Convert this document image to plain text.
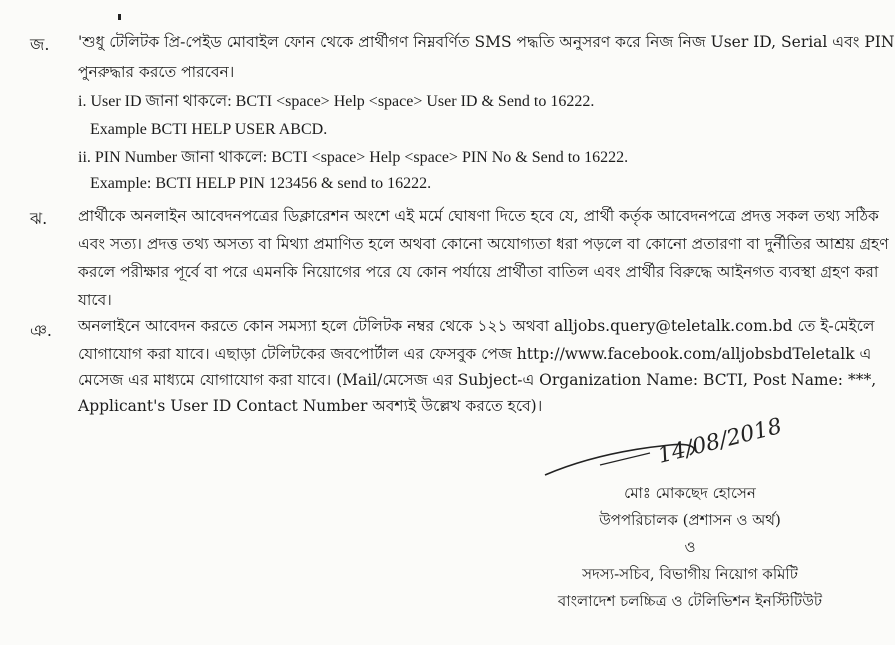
জ. 'শুধু টেলিটক প্রি-পেইড মোবাইল ফোন থেকে প্রার্থীগণ নিম্নবর্ণিত SMS পদ্ধতি অনুসরণ করে নিজ নিজ User ID, Serial এবং PIN
পুনরুদ্ধার করতে পারবেন।
i. User ID জানা থাকলে: BCTI <space> Help <space> User ID & Send to 16222.
Example BCTI HELP USER ABCD.
ii. PIN Number জানা থাকলে: BCTI <space> Help <space> PIN No & Send to 16222.
Example: BCTI HELP PIN 123456 & send to 16222.
ঝ. প্রার্থীকে অনলাইন আবেদনপত্রের ডিক্লারেশন অংশে এই মর্মে ঘোষণা দিতে হবে যে, প্রার্থী কর্তৃক আবেদনপত্রে প্রদত্ত সকল তথ্য সঠিক
এবং সত্য। প্রদত্ত তথ্য অসত্য বা মিথ্যা প্রমাণিত হলে অথবা কোনো অযোগ্যতা ধরা পড়লে বা কোনো প্রতারণা বা দুর্নীতির আশ্রয় গ্রহণ
করলে পরীক্ষার পূর্বে বা পরে এমনকি নিয়োগের পরে যে কোন পর্যায়ে প্রার্থীতা বাতিল এবং প্রার্থীর বিরুদ্ধে আইনগত ব্যবস্থা গ্রহণ করা
যাবে।
ঞ. অনলাইনে আবেদন করতে কোন সমস্যা হলে টেলিটক নম্বর থেকে ১২১ অথবা alljobs.query@teletalk.com.bd তে ই-মেইলে
যোগাযোগ করা যাবে। এছাড়া টেলিটকের জবপোর্টাল এর ফেসবুক পেজ http://www.facebook.com/alljobsbdTeletalk এ
মেসেজ এর মাধ্যমে যোগাযোগ করা যাবে। (Mail/মেসেজ এর Subject-এ Organization Name: BCTI, Post Name: ***,
Applicant's User ID Contact Number অবশ্যই উল্লেখ করতে হবে)।
14/08/2018
মোঃ মোকছেদ হোসেন
উপপরিচালক (প্রশাসন ও অর্থ)
ও
সদস্য-সচিব, বিভাগীয় নিয়োগ কমিটি
বাংলাদেশ চলচ্চিত্র ও টেলিভিশন ইনস্টিটিউট
